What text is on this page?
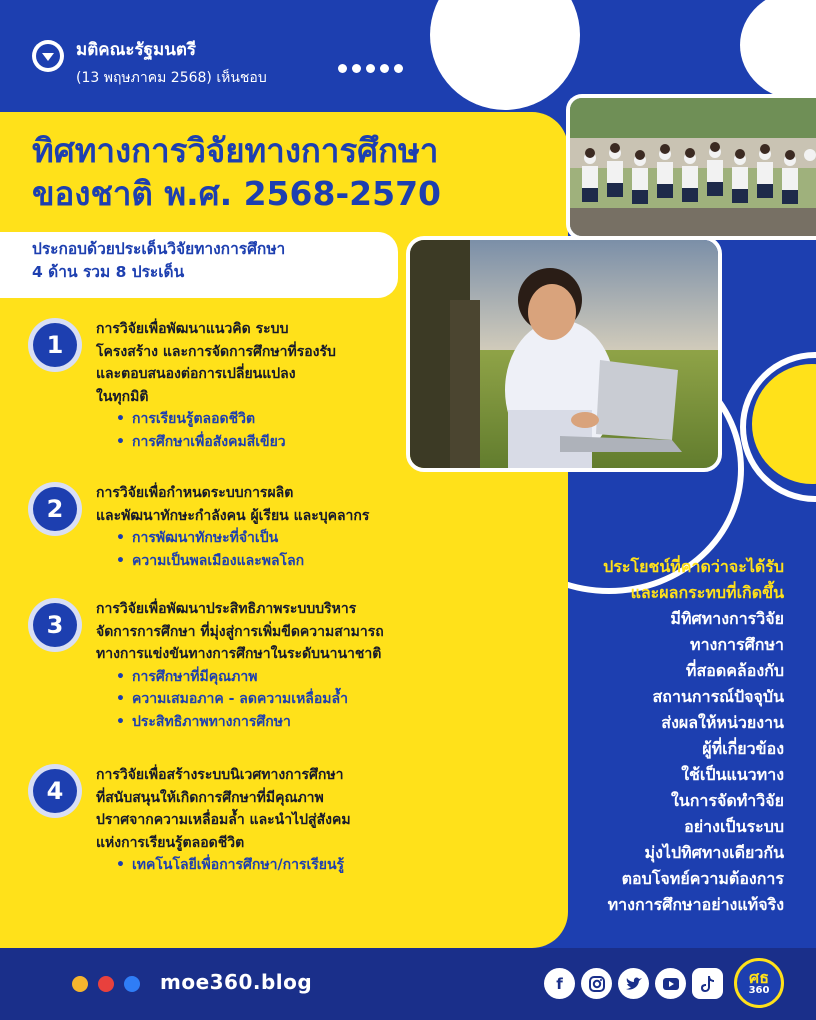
มติคณะรัฐมนตรี
(13 พฤษภาคม 2568) เห็นชอบ
ทิศทางการวิจัยทางการศึกษา
ของชาติ พ.ศ. 2568-2570
ประกอบด้วยประเด็นวิจัยทางการศึกษา
4 ด้าน รวม 8 ประเด็น
1
การวิจัยเพื่อพัฒนาแนวคิด ระบบ
โครงสร้าง และการจัดการศึกษาที่รองรับ
และตอบสนองต่อการเปลี่ยนแปลง
ในทุกมิติ
• การเรียนรู้ตลอดชีวิต
• การศึกษาเพื่อสังคมสีเขียว
2
การวิจัยเพื่อกำหนดระบบการผลิต
และพัฒนาทักษะกำลังคน ผู้เรียน และบุคลากร
• การพัฒนาทักษะที่จำเป็น
• ความเป็นพลเมืองและพลโลก
3
การวิจัยเพื่อพัฒนาประสิทธิภาพระบบบริหาร
จัดการการศึกษา ที่มุ่งสู่การเพิ่มขีดความสามารถ
ทางการแข่งขันทางการศึกษาในระดับนานาชาติ
• การศึกษาที่มีคุณภาพ
• ความเสมอภาค - ลดความเหลื่อมล้ำ
• ประสิทธิภาพทางการศึกษา
4
การวิจัยเพื่อสร้างระบบนิเวศทางการศึกษา
ที่สนับสนุนให้เกิดการศึกษาที่มีคุณภาพ
ปราศจากความเหลื่อมล้ำ และนำไปสู่สังคม
แห่งการเรียนรู้ตลอดชีวิต
• เทคโนโลยีเพื่อการศึกษา/การเรียนรู้
ประโยชน์ที่คาดว่าจะได้รับ
และผลกระทบที่เกิดขึ้น
มีทิศทางการวิจัย
ทางการศึกษา
ที่สอดคล้องกับ
สถานการณ์ปัจจุบัน
ส่งผลให้หน่วยงาน
ผู้ที่เกี่ยวข้อง
ใช้เป็นแนวทาง
ในการจัดทำวิจัย
อย่างเป็นระบบ
มุ่งไปทิศทางเดียวกัน
ตอบโจทย์ความต้องการ
ทางการศึกษาอย่างแท้จริง
moe360.blog	f	ศธ
360
